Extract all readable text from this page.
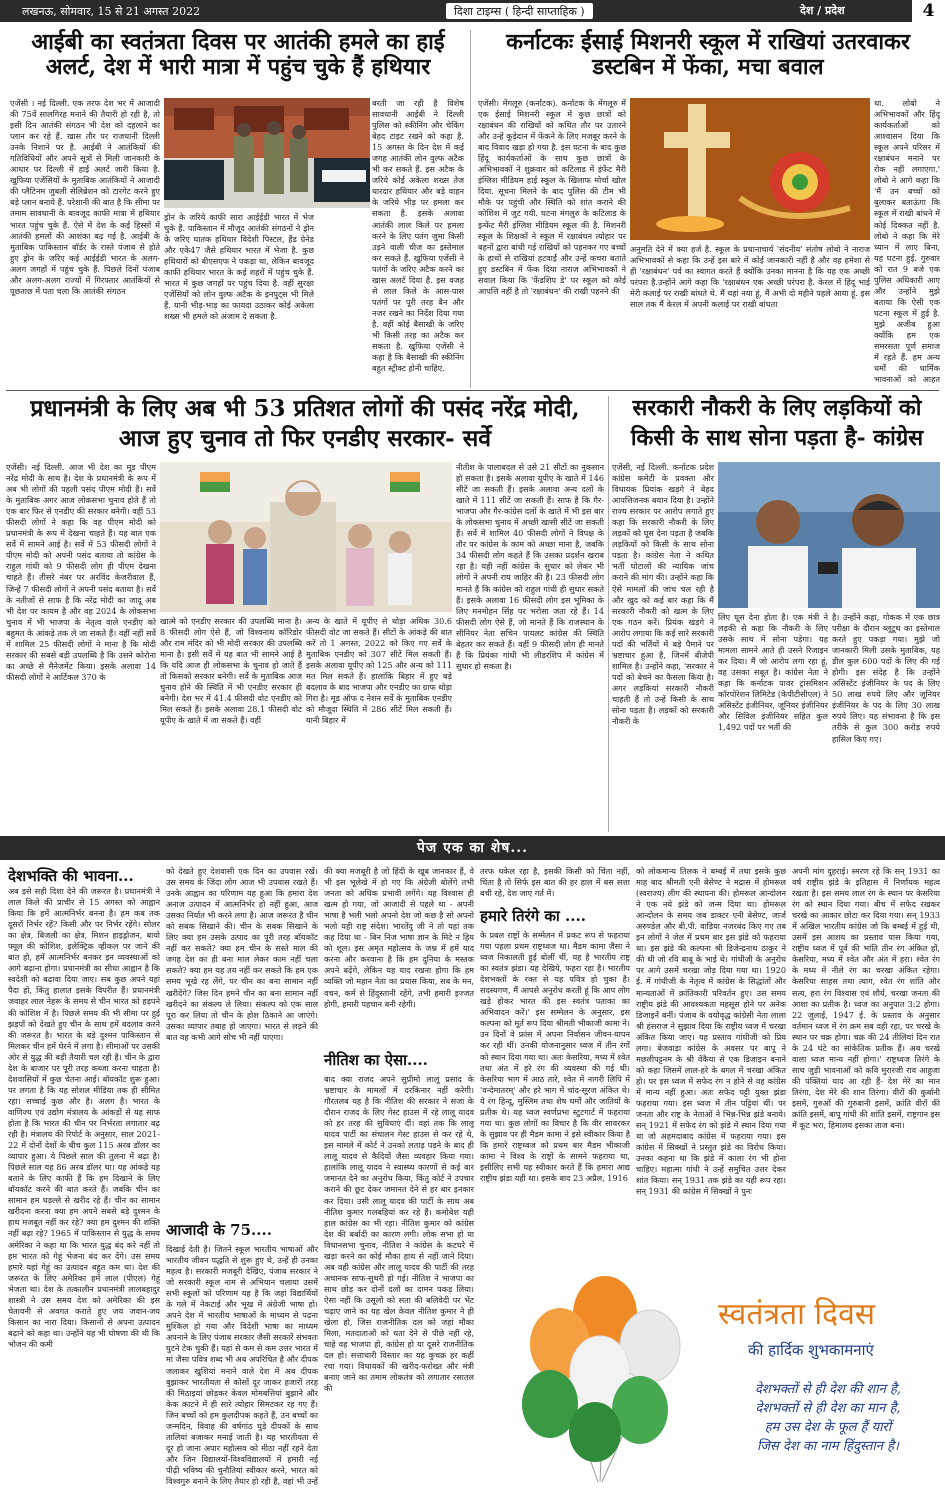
लखनऊ, सोमवार, 15 से 21 अगस्त 2022	दिशा टाइम्स ( हिन्दी साप्ताहिक )	देश / प्रदेश	4
आईबी का स्वतंत्रता दिवस पर आतंकी हमले का हाई अलर्ट, देश में भारी मात्रा में पहुंच चुके हैं हथियार
एजेंसी । नई दिल्ली. एक तरफ देश भर में आजादी की 75वें सालगिरह मनाने की तैयारी हो रही है, तो इसी दिन आतंकी संगठन भी देश को दहलाने का प्लान कर रहे हैं. खास तौर पर राजधानी दिल्ली उनके निशाने पर है. आईबी ने आतंकियों की गतिविधियों और अपने सूत्रों से मिली जानकारी के आधार पर दिल्ली में हाई अलर्ट जारी किया है. खुफिया एजेंसियों के मुताबिक आतंकियों ने आजादी की प्लैटिनम जुबली सेलिब्रेशन को टारगेट करने हुए बड़े प्लान बनाये हैं. परेशानी की बात है कि सीमा पर तमाम सावधानी के बावजूद काफी मात्रा में हथियार भारत पहुंच चुके हैं. ऐसे में देश के कई हिस्सों में आतंकी हमलों की आशंका बढ़ गई है. आईबी के मुताबिक पाकिस्तान बॉर्डर के रास्ते पंजाब से होते हुए ड्रोन के जरिए कई आईईडी भारत के अलग-अलग जगहों में पहुंच चुके हैं. पिछले दिनों पंजाब और अलग-अलग राज्यों में गिरफ्तार आतंकियों से पूछताछ में पता चला कि आतंकी संगठन
ड्रोन के जरिये काफी सारा आईईडी भारत में भेज चुके हैं. पाकिस्तान में मौजूद आतंकी संगठनों ने ड्रोन के जरिए घातक हथियार विदेशी पिस्टल, हैंड ग्रेनेड और एके47 जैसे हथियार भारत में भेजा है. कुछ हथियारों को बीएसएफ ने पकड़ा था, लेकिन बावजूद काफी हथियार भारत के कई शहरों में पहुंच चुके हैं. भारत में कुछ जगहों पर पहुंच दिया है. वहीं सुरक्षा एजेंसियों को लोन वुल्फ अटैक के इनपुट्स भी मिले हैं. यानी भीड़-भाड़ का फायदा उठाकर कोई अकेला शख्स भी हमले को अंजाम दे सकता है.
बरती जा रही है विशेष सावधानी आईबी ने दिल्ली पुलिस को स्कीनिंग और चेकिंग बेहद टाइट रखने को कहा है. 15 अगस्त के दिन देश में कई जगह आतंकी लोन वुल्फ अटैक भी कर सकते हैं. इस अटैक के जरिये कोई अकेला शख्स तेज धारदार हथियार और बड़े वाहन के जरिये भीड़ पर हमला कर सकता है. इसके अलावा आतंकी लाल किले पर हमला करने के लिए पतंग जुमा किसी उड़ने वाली चीज का इस्तेमाल कर सकते हैं. खुफिया एजेंसी ने पतंगों के जरिए अटैक करने का खास अलर्ट दिया है. इस वजह से लाल किले के आस-पास पतंगों पर पूरी तरह बैन और नजर रखने का निर्देश दिया गया है. वहीं कोई बैसाखी के जरिए भी किसी तरह का अटैक कर सकता है. खुफिया एजेंसी ने कहा है कि बैसाखी की स्कीनिंग बहुत स्ट्रीक्ट होनी चाहिए.
कर्नाटकः ईसाई मिशनरी स्कूल में राखियां उतरवाकर डस्टबिन में फेंका, मचा बवाल
एजेंसी। मेंगलूरु (कर्नाटक). कर्नाटक के मेंगलूरु में एक ईसाई मिशनरी स्कूल में कुछ छात्रों को रक्षाबंधन की राखियों को कथित तौर पर उतारने और उन्हें कूड़ेदान में फेंकने के लिए मजबूर करने के बाद विवाद खड़ा हो गया है. इस घटना के बाद कुछ हिंदू कार्यकर्ताओं के साथ कुछ छात्रों के अभिभावकों ने शुक्रवार को कटिलाड में इंफेंट मैरी इंग्लिश मीडियम हाई स्कूल के खिलाफ मोर्चा खोल दिया. सूचना मिलने के बाद पुलिस की टीम भी मौके पर पहुंची और स्थिति को शांत कराने की कोशिश में जुट गयी. घटना मंगलुरु के कटिलाड के इन्फेंट मैरी इंग्लिश मीडियम स्कूल की है. मिशनरी स्कूल के शिक्षकों ने स्कूल में रक्षाबंधन त्योहार पर बहनों द्वारा बांधी गई राखियों को पहनकर गए बच्चों के हाथों से राखियां हटवाईं और उन्हें कचरा बताते हुए डस्टबिन में फेंक दिया नाराज अभिभावकों ने सवाल किया कि 'फेंडशिप डे' पर स्कूल को कोई आपत्ति नहीं है तो 'रक्षाबंधन' की राखी पहनने की
अनुमति देने में क्या हर्ज है. स्कूल के प्रधानाचार्य 'संदनीय' संतोष लोबो ने नाराज अभिभावकों से कहा कि उन्हें इस बारे में कोई जानकारी नहीं है और वह हमेशा से ही 'रक्षाबंधन' पर्व का स्वागत करते हैं क्योंकि उनका मानना है कि यह एक अच्छी परंपरा है.उन्होंने आगे कहा कि 'रक्षाबंधन एक अच्छी परंपरा है. केरल में हिंदू भाई मेरी कलाई पर राखी बांधते थे. मैं यहां नया हूं, मैं अभी दो महीने पहले आया हूं. इस साल तक मैं केरल में अपनी कलाई पर राखी बांधता
था. लोबो ने अभिभावकों और हिंदू कार्यकर्ताओं को आश्वासन दिया कि स्कूल अपने परिसर में रक्षाबंधन मनाने पर रोक नहीं लगाएगा.' लोबो ने आगे कहा कि 'मैं उन बच्चों को बुलाकर बताऊंगा कि स्कूल में राखी बांधने में कोई दिक्कत नहीं है. लोबो ने कहा कि मेरे ध्यान में लाए बिना, यह घटना हुई. गुरुवार को रात 9 बजे एक पुलिस अधिकारी आए और उन्होंने मुझे बताया कि ऐसी एक घटना स्कूल में हुई है. मुझे अजीब हुआ क्योंकि हम एक समरसता पूर्ण समाज में रहते हैं. हम अन्य धर्मों की धार्मिक भावनाओं को आहत
प्रधानमंत्री के लिए अब भी 53 प्रतिशत लोगों की पसंद नरेंद्र मोदी,
आज हुए चुनाव तो फिर एनडीए सरकार- सर्वे
एजेंसी। नई दिल्ली. आज भी देश का मूड पीएम नरेंद्र मोदी के साथ है। देश के प्रधानमंत्री के रूप में अब भी लोगों की पहली पसंद पीएम मोदी हैं। सर्वे के मुताबिक अगर आज लोकसभा चुनाव होते हैं तो एक बार फिर से एनडीए की सरकार बनेगी। वहीं 53 फीसदी लोगों ने कहा कि वह पीएम मोदी को प्रधानमंत्री के रूप में देखना चाहते हैं। यह बात एक सर्वे में सामने आई है। सर्वे में 53 फीसदी लोगों ने पीएम मोदी को अपनी पसंद बताया तो कांग्रेस के राहुल गांधी को 9 फीसदी लोग ही पीएम देखना चाहते हैं। तीसरे नंबर पर अरविंद केजरीवाल हैं, जिन्हें 7 फीसदी लोगों ने अपनी पसंद बताया है। सर्वे के नतीजों से साफ है कि नरेंद्र मोदी का जादू अब भी देश पर कायम है और वह 2024 के लोकसभा चुनाव में भी भाजपा के नेतृत्व वाले एनडीए को बहुमत के आंकड़े तक ले जा सकते हैं। वहीं नहीं सर्वे में शामिल 25 फीसदी लोगों ने माना है कि मोदी सरकार की सबसे बड़ी उपलब्धि है कि उसने कोरोना का अच्छे से मैनेजमेंट किया। इसके अलावा 14 फीसदी लोगों ने आर्टिकल 370 के
खात्मे को एनडीए सरकार की उपलब्धि माना है। 8 फीसदी लोग ऐसे हैं, जो विश्वनाथ कॉरिडोर और राम मंदिर को भी मोदी सरकार की उपलब्धि माना है। इसी सर्वे में यह बात भी सामने आई है कि यदि आज ही लोकसभा के चुनाव हो जाते हैं तो किसको सरकार बनेगी। सर्वे के मुताबिक आज चुनाव होने की स्थिति में भी एनडीए सरकार ही बनेगी। देश भर में 41.4 फीसदी वोट एनडीए को मिल सकते हैं। इसके अलावा 28.1 फीसदी वोट यूपीए के खाते में जा सकते हैं। वहीं
अन्य के खाते में यूपीए से थोड़ा अधिक 30.6 फीसदी वोट जा सकते हैं। सीटों के आंकड़े की बात करें तो 1 अगस्त, 2022 को किए गए सर्वे के मुताबिक एनडीए को 307 सीटें मिल सकती हैं। इसके अलावा यूपीए को 125 और अन्य को 111 मत मिल सकते हैं। हालांकि बिहार में हुए बड़े बदलाव के बाद भाजपा और एनडीए का ग्राफ थोड़ा गिरा है। मूड ऑफ द नेशन सर्वे के मुताबिक एनडीए को मौजूदा स्थिति में 286 सीटें मिल सकती हैं। यानी बिहार में
नीतीश के पालाबदल से उसे 21 सीटों का नुकसान हो सकता है। इसके अलावा यूपीए के खाते में 146 सीटें जा सकती हैं। इसके अलावा अन्य दलों के खाते में 111 सीटें जा सकती हैं। साफ है कि गैर-भाजपा और गैर-कांग्रेस दलों के खाते में भी इस बार के लोकसभा चुनाव में अच्छी खासी सीटें जा सकती हैं। सर्वे में शामिल 40 फीसदी लोगों ने विपक्ष के तौर पर कांग्रेस के काम को अच्छा माना है, जबकि 34 फीसदी लोग कहते हैं कि उसका प्रदर्शन खराब रहा है। यही नहीं कांग्रेस के सुधार को लेकर भी लोगों ने अपनी राय जाहिर की है। 23 फीसदी लोग मानते हैं कि कांग्रेस को राहुल गांधी ही सुधार सकते हैं। इसके अलावा 16 फीसदी लोग इस भूमिका के लिए मनमोहन सिंह पर भरोसा जता रहे हैं। 14 फीसदी लोग ऐसे हैं, जो मानते हैं कि राजस्थान के सीनियर नेता सचिन पायलट कांग्रेस की स्थिति बेहतर कर सकते हैं। वहीं 9 फीसदी लोग ही मानते हैं कि प्रियंका गांधी भी लीडरशिप में कांग्रेस में सुधार हो सकता है।
सरकारी नौकरी के लिए लड़कियों को
किसी के साथ सोना पड़ता है- कांग्रेस
एजेंसी, नई दिल्ली. कर्नाटक प्रदेश कांग्रेस कमेटी के प्रवक्ता और विधायक प्रियांक खड़गे ने बेहद आपत्तिजनक बयान दिया है। उन्होंने राज्य सरकार पर आरोप लगाते हुए कहा कि सरकारी नौकरी के लिए लड़कों को घूस देना पड़ता है जबकि लड़कियों को किसी के साथ सोना पड़ता है। कांग्रेस नेता ने कथित भर्ती घोटालों की न्यायिक जांच कराने की मांग की। उन्होंने कहा कि ऐसे मामलों की जांच चल रही है और खुद को कई बार कहा कि मैं सरकारी नौकरी को खत्म के लिए एक गठन करें। प्रियंक खड़गे ने आरोप लगाया कि कई सारे सरकारी पदों की भर्तियों में बड़े पैमाने पर भ्रष्टाचार हुआ है, जिनमें बीजेपी शामिल है। उन्होंने कहा, 'सरकार ने पदों को बेचने का फैसला किया है। अगर लड़कियां सरकारी नौकरी चाहती हैं तो उन्हें किसी के साथ सोना पड़ता है। लड़कों को सरकारी नौकरी के
लिए घूस देना होता है। एक मंत्री ने लड़की से कहा कि नौकरी के लिए उसके साथ में सोना पड़ेगा। यह मामला सामने आते ही उसने रिजाइन कर दिया। मैं जो आरोप लगा रहा हूं, वह उसका सबूत है। कांग्रेस नेता ने कहा कि कर्नाटक पावर ट्रांसमिशन कॉरपोरेशन लिमिटेड (केपीटीसीएल) ने असिस्टेंट इंजीनियर, जूनियर इंजीनियर और सिविल इंजीनियर सहित कुल 1,492 पदों पर भर्ती की
है। उन्होंने कहा, गोकक में एक छात्र परीक्षा के दौरान ब्लूटूथ का इस्तेमाल करते हुए पकड़ा गया। मुझे जो जानकारी मिली उसके मुताबिक, यह डील कुल 600 पदों के लिए की गई होगी। इस संदेह है कि उन्होंने असिस्टेंट इंजीनियर के पद के लिए 50 लाख रुपये लिए और जूनियर इंजीनियर के पद के लिए 30 लाख रुपये लिए। यह संभावना है कि इस तरीके से कुल 300 करोड़ रुपये हासिल किए गए।
पेज एक का शेष...
देशभक्ति की भावना...
अब इसे सही दिशा देने की जरूरत है। प्रधानमंत्री ने लाल किले की प्राचीर से 15 अगस्त को आह्वान किया कि हमें आत्मनिर्भर बनना है। हम कब तक दूसरों निर्भर रहें? किसी और पर निर्भर रहेंगे। सोलर का क्षेत्र, बिजली का क्षेत्र, मिशन हाइड्रोजन, बायो फ्यूल की कोशिश, इलेक्ट्रिक व्हीकल पर जाने की बात हो, हमें आत्मनिर्भर बनकर इन व्यवस्थाओं को आगे बढ़ाना होगा। प्रधानमंत्री का सीधा आह्वान है कि स्वदेशी को बढ़ावा दिया जाए। सब कुछ अपने यहां पैदा हो, किंतु हालात इसके विपरीत हैं। प्रधानमंत्री जवाहर लाल नेहरू के समय से चीन भारत को हड़पने की कोशिश में है। पिछले समय की भी सीमा पर हुई झड़पों को देखते हुए चीन के साथ हमें बदलाव करने की जरूरत है। भारत के बड़े दुश्मन पाकिस्तान से मिलकर चीन हमें घेरने में लगा है। सीमाओं पर उसकी ओर से युद्ध की बड़ी तैयारी चल रही है। चीन के द्वारा देश के बाजार पर पूरी तरह कब्जा करना चाहता है। देशवासियों में कुछ चेतना आई। बॉयकॉट शुरू हुआ। पर लगता है कि यह सोशल मीडिया तक ही सीमित रहा। सच्चाई कुछ और है। अलग है। भारत के वाणिज्य एवं उद्योग मंत्रालय के आंकड़ों से यह साफ होता है कि भारत की चीन पर निर्भरता लगातार बढ़ रही है। मंत्रालय की रिपोर्ट के अनुसार, साल 2021-22 में दोनों देशों के बीच कुल 115 अरब डॉलर का व्यापार हुआ। ये पिछले साल की तुलना में बढ़ा है। पिछले साल यह 86 अरब डॉलर था। यह आंकड़े यह बताने के लिए काफी हैं कि हम दिखाने के लिए बॉयकॉट करने की बात करते हैं। जबकि चीन का सामान हम धड़ल्ले से खरीद रहे हैं। चीन का सामान खरीदना करना क्या हम अपने सबसे बड़े दुश्मन के हाथ मजबूत नहीं कर रहे? क्या हम दुश्मन की शक्ति नहीं बढ़ा रहे? 1965 में पाकिस्तान से युद्ध के समय अमेरिका ने कहा था कि भारत युद्ध बंद करे नहीं तो हम भारत को गेहूं भेजना बंद कर देंगे। उस समय हमारे यहां गेहूं का उत्पादन बहुत कम था। देश की जरूरत के लिए अमेरिका हमें लाल (पीएल) गेहूं भेजता था। देश के तत्कालीन प्रधानमंत्री लालबहादुर शास्त्री ने उस समय देश को अमेरिका की इस चेतावनी से अवगत कराते हुए जय जवान-जय किसान का नारा दिया। किसानों से अपना उत्पादन बढ़ाने को कहा था। उन्होंने यह भी घोषणा की थी कि भोजन की कमी
को देखते हुए देशवासी एक दिन का उपवास रखें। उस समय के जिंदा लोग आज भी उपवास रखते हैं। उनके आह्वान का परिणाम यह हुआ कि हमारा देश अनाज उत्पादन में आत्मनिर्भर हो नहीं हुआ, आज उसका निर्यात भी करने लगा है। आज जरूरत है चीन को सबक सिखाने की। चीन के सबक सिखाने के लिए क्या हम उसके उत्पाद का पूरी तरह बॉयकॉट नहीं कर सकते? क्या हम चीन के सस्ते माल की जगह देश का ही बना माल लेकर काम नहीं चला सकते? क्या हम यह तय नहीं कर सकते कि हम एक समय भूखे रह लेंगे, पर चीन का बना सामान नहीं खरीदेंगे? जिस दिन हमने चीन का बना सामान नहीं खरीदने का संकल्प ले लिया। संकल्प को एक साल पूरा कर लिया तो चीन के होश ठिकाने आ जाएंगे। उसका व्यापार तबाह हो जाएगा। भारत से लड़ने की बात वह कभी आगे सोच भी नहीं पाएगा।
आजादी के 75....
दिखाई देती है। जितने स्कूल भारतीय भाषाओं और भारतीय जीवन पद्धति से शुरू हुए थे, उन्हें ही उनका महत्व है। सरकारी मजबूरी देखिए, पंजाब सरकार ने जो सरकारी स्कूल नाम से अभियान चलाया उसमें सभी स्कूलों को परिणाम यह है कि जहां विद्यार्थियों के गले में नेकटाई और भूख में अंग्रेजी भाषा हो। अपने देश में भारतीय भाषाओं के माध्यम से पढ़ना मुश्किल हो गया और विदेशी भाषा का माध्यम अपनाने के लिए पंजाब सरकार जैसी सरकारें संभवतः घुटने टेक चुकी हैं। यहां से कम से कम उत्तर भारत में मां जैसा पवित्र शब्द भी अब अपरिचित है और दीपक जलाकर खुशियां मनाने वाले देश में अब दीपक बुझाकर भारतीयता से कोसों दूर जाकर हजारों तरह की मिठाइयां छोड़कर केवल मोमबत्तियां बुझाने और केक काटने में ही सारे त्योहार सिमटकर रह गए हैं। जिन बच्चों को हम कुलदीपक कहते हैं, उन बच्चों का जन्मदिन, विवाह की वर्षगांठ घुड़े दीपकों के साथ तालियां बजाकर मनाई जाती है। यह भारतीयता से दूर हो जाना अपार महोत्सव को मीठा नहीं रहने देता और जिन विद्यालयों-विश्वविद्यालयों में हमारी नई पीढ़ी भविष्य की चुनौतियां स्वीकार करने, भारत को विश्वगुरु बनाने के लिए तैयार हो रही है, वहां भी उन्हें
की क्या मजबूरी है जो हिंदी के खूब जानकार हैं, वे भी इस भूलेखे में हो गए कि अंग्रेजी बोलेंगे तभी जनता को अधिक प्रभावी लगेंगे। यह विश्वास ही खत्म हो गया, जो आजादी से पहले था - अपनी भाषा है भली भलो अपनो देश जो कछ है सो अपनो भलो यही राष्ट्र संदेश। भारतेंदु जी ने तो यहां तक कह दिया था - बिन निज भाषा ज्ञान के मिटे न हिय को शूल। इस अमृत महोत्सव के जश्न में हमें याद करना और करवाना है कि हम दुनिया के मस्तक अपने बढ़ेंगे, लेकिन यह याद रखना होगा कि हम व्यक्ति जो महान नेता का प्रयास किया, सब के मन, वचन, कर्म से हिंदुस्तानी रहेंगे, तभी हमारी इज्जत होगी, हमारी पहचान बनी रहेगी।
नीतिश का ऐसा....
बाद क्या राजद अपने सुप्रीमो लालू प्रसाद के भ्रष्टाचार के मामलों में दरकिनार नहीं करेगी। गौरतलब यह है कि नीतिश की सरकार ने सजा के दौरान राजद के लिए गेस्ट हाउस में रहे लालू यादव को हर तरह की सुविधाएं दीं। वहां तक कि लालू यादव पार्टी का संचालन गेस्ट हाउस से कर रहे थे, इस मामले में कोर्ट ने उनको लताड़ पड़ने के बाद ही लालू यादव से कैदियों जैसा व्यवहार किया गया। हालांकि लालू यादव ने स्वास्थ्य कारणों से कई बार जमानत देने का अनुरोध किया, किंतु कोर्ट ने उपचार कराने की छूट देकर जमानत देने से हर बार इनकार कर दिया। उसी लालू यादव की पार्टी के साथ अब नीतिश कुमार गलबहियां कर रहे हैं। कमोबेश यही हाल कांग्रेस का भी रहा। नीतिश कुमार को कांग्रेस देश की बर्बादी का कारण लगी। लोक सभा हो या विधानसभा चुनाव, नीतिश ने कांग्रेस के कटघरे में खड़ा करने का कोई मौका हाथ से नहीं जाने दिया। अब वही कांग्रेस और लालू यादव की पार्टी की तरह अचानक साफ-सुथरी हो गई। नीतिश ने भाजपा का साथ छोड़ कर दोनों दलों का दामन पकड़ लिया। ऐसा नहीं कि उसूलों को सता की बलिवेदी पर भेंट चढ़ाए जाने का यह खेल केवल नीतिश कुमार ने ही खेला हो, जिस राजनीतिक दल को जहां मौका मिला, मतदाताओं को धता देने से पीछे नहीं रहे, चाहे वह भाजपा हो, कांग्रेस हो या दूसरे राजनीतिक दल हो। सत्ताधारी विस्तार का यह कुचक्र हर कहीं रचा गया। विधायकों की खरीद-फरोख्त और मंत्री बनाए जाने का तमाम लोकतंत्र को लगातार रसातल की
तरफ धकेल रहा है, इसकी किसी को चिंता नहीं, चिंता है तो सिर्फ इस बात की हर हाल में बस सत्ता बची रहे, देश जाए गर्त में।
हमारे तिरंगे का ....
के प्रबल राष्ट्रों के सम्मेलन में प्रकट रूप से फहराया गया पहला प्रथम राष्ट्रध्वज था। मैडम कामा जैसा ने ध्वज निकालती हुई बोलीं थीं, यह है भारतीय राष्ट्र का स्वतंत्र झंडा। यह देखिये, फहरा रहा है। भारतीय देशभक्तों के रक्त से यह पवित्र हो चुका है। सदस्यगण, मैं आपसे अनुरोध करती हूं कि आप लोग खड़े होकर भारत की इस स्वतंत्र पताका का अभिवादन करें।' इस सम्मेलन के अनुसार, इस कल्पना को मूर्त रूप दिया श्रीमती भीकाजी कामा ने। उन दिनों वे फ्रांस में अपना निर्वासन जीवन-यापन कर रही थीं। उनकी योजनानुसार ध्वज में तीन रंगों को स्थान दिया गया था। अतः केसरिया, मध्य में श्वेत तथा अंत में हरे रंग की व्यवस्था की गई थी। केसरिया भाग में आठ तारे, श्वेत में नागरी लिपि में 'वन्देमातरम्' और हरे भाग में चांद-सूरज अंकित थे। ये रंग हिन्दू, मुस्लिम तथा शेष धर्मों और जातियों के प्रतीक थे। यह ध्वज स्वर्णप्रभा स्टुटगार्ट में फहराया गया था। कुछ लोगों का विचार है कि वीर सावरकर के सुझाव पर ही मैडम कामा ने इसे स्वीकार किया है कि हमारे राष्ट्रध्वज को प्रथम बार मैडम भीकाजी कामा ने विश्व के राष्ट्रों के सामने फहराया था, इसीलिए सभी यह स्वीकार करते हैं कि हमारा आद्य राष्ट्रीय झंडा यही था। इसके बाद 23 अप्रैल, 1916
को लोकमान्य तिलक ने बम्बई में तथा इसके कुछ माह बाद श्रीमती एनी बेसेण्ट ने मद्रास में होमरूल (स्वराज्य) लीग की स्थापना की। होमरूल आन्दोलन ने एक नये झंडे को जन्म दिया था। होमरूल आन्दोलन के समय जब डाक्टर एनी बेसेण्ट, जार्ज अरुण्डेल और बी.पी. वाडिया नजरबंद किए गए तब इन लोगों ने जेल में प्रथम बार इस झंडे को फहराया था। इस झंडे की कल्पना श्री डिजेन्द्रनाथ ठाकुर ने की थी जो रवि बाबू के भाई थे। गांधीजी के अनुरोध पर आगे उसमें चरखा जोड़ दिया गया था। 1920 ई. में गांधीजी के नेतृत्व में कांग्रेस के सिद्धांतों और मान्यताओं में क्रांतिकारी परिवर्तन हुए। उस समय राष्ट्रीय झंडे की आवश्यकता महसूस होने पर अनेक डिजाइनें बनीं। पंजाब के वयोवृद्ध कांग्रेसी नेता लाला श्री हंसराज ने सुझाव दिया कि राष्ट्रीय ध्वज में चरखा अंकित किया जाए। यह प्रस्ताव गांधीजी को प्रिय लगा। बेजवाड़ा कांग्रेस के अवसर पर बापू ने मछलीपट्टनम के श्री वेंकैया से एक डिजाइन बनाने को कहा जिसमें लाल-हरे के बगल में चरखा अंकित हो। पर इस ध्वज में सफेद रंग न होने से वह कांग्रेस में मान्य नहीं हुआ। अतः सफेद पट्टी युक्त झंडा फहराया गया। इस ध्वज में तीन पट्टियां थीं। पर जनता और राष्ट्र के नेताओं ने भिन्न-भिन्न झंडे बनाये। सन् 1921 में सफेद रंग को झंडे में स्थान दिया गया था जो अहमदाबाद कांग्रेस में फहराया गया। इस कांग्रेस में सिक्खों ने प्रस्तुत झंडे का विरोध किया। उनका कहना था कि झंडे में काला रंग भी होना चाहिए। महात्मा गांधी ने उन्हें समुचित उत्तर देकर शांत किया। सन् 1931 तक झंडे का यही रूप रहा। सन् 1931 की कांग्रेस में सिक्खों ने पुनः
अपनी मांग दुहराई। स्मरण रहे कि सन् 1931 का वर्ष राष्ट्रीय झंडे के इतिहास में निर्णायक महत्व रखता है। इस समय लाल रंग के स्थान पर केसरिया रंग को स्थान दिया गया। बीच में सफेद रखकर चरखे का आकार छोटा कर दिया गया। सन् 1933 में अखिल भारतीय कांग्रेस जो कि बम्बई में हुई थी, उसमें इस आशय का प्रस्ताव पास किया गया, राष्ट्रीय ध्वज में पूर्व की भांति तीन रंग अंकित हों, केसरिया, मध्य में श्वेत और अंत में हरा। श्वेत रंग के मध्य में नीले रंग का चरखा अंकित रहेगा। केसरिया साहस तथा त्याग, श्वेत रंग शांति और सत्य, हरा रंग विश्वास एवं शौर्य, चरखा जनता की आशा का प्रतीक है। ध्वज का अनुपात 3:2 होगा। 22 जुलाई, 1947 ई. के प्रस्ताव के अनुसार वर्तमान ध्वज में रंग क्रम सब वही रहा, पर चरखे के स्थान पर चक्र होगा। चक्र की 24 तीलियां दिन रात के 24 घंटे का सांकेतिक प्रतीक हैं। अब चरखे वाला ध्वज मान्य नहीं होगा।' राष्ट्रध्वज तिरंगे के साथ जुड़ी भावनाओं को कवि मुरारजी राव आहुजा की पंक्तियां याद आ रही हैं- देश मेरे का मान तिरंगा, देश मेरे की शान तिरंगा। वीरों की कुर्बानी इसमें, गुरुओं की गुरुबानी इसमें, क्रांति वीरों की क्रांति इसमें, बापू गांधी की शांति इसमें, राष्ट्रगान इस में कूट भरा, हिमालय इसका ताज बना।
स्वतंत्रता दिवस
की हार्दिक शुभकामनाएं
देशभक्तों से ही देश की शान है,
देशभक्तों से ही देश का मान है,
हम उस देश के फूल हैं यारों
जिस देश का नाम हिंदुस्तान है।
